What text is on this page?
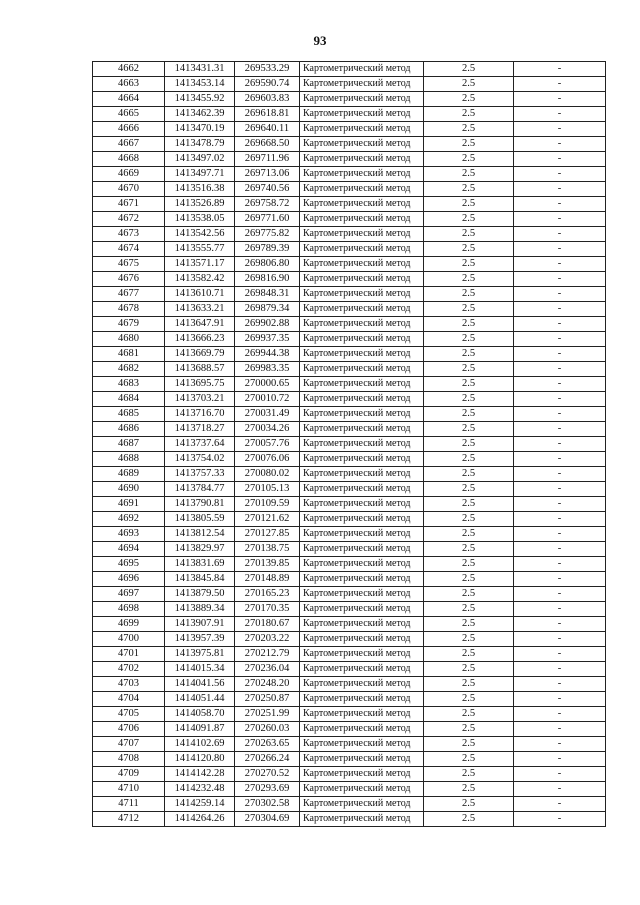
93
4662	1413431.31	269533.29	Картометрический метод	2.5	-
4663	1413453.14	269590.74	Картометрический метод	2.5	-
4664	1413455.92	269603.83	Картометрический метод	2.5	-
4665	1413462.39	269618.81	Картометрический метод	2.5	-
4666	1413470.19	269640.11	Картометрический метод	2.5	-
4667	1413478.79	269668.50	Картометрический метод	2.5	-
4668	1413497.02	269711.96	Картометрический метод	2.5	-
4669	1413497.71	269713.06	Картометрический метод	2.5	-
4670	1413516.38	269740.56	Картометрический метод	2.5	-
4671	1413526.89	269758.72	Картометрический метод	2.5	-
4672	1413538.05	269771.60	Картометрический метод	2.5	-
4673	1413542.56	269775.82	Картометрический метод	2.5	-
4674	1413555.77	269789.39	Картометрический метод	2.5	-
4675	1413571.17	269806.80	Картометрический метод	2.5	-
4676	1413582.42	269816.90	Картометрический метод	2.5	-
4677	1413610.71	269848.31	Картометрический метод	2.5	-
4678	1413633.21	269879.34	Картометрический метод	2.5	-
4679	1413647.91	269902.88	Картометрический метод	2.5	-
4680	1413666.23	269937.35	Картометрический метод	2.5	-
4681	1413669.79	269944.38	Картометрический метод	2.5	-
4682	1413688.57	269983.35	Картометрический метод	2.5	-
4683	1413695.75	270000.65	Картометрический метод	2.5	-
4684	1413703.21	270010.72	Картометрический метод	2.5	-
4685	1413716.70	270031.49	Картометрический метод	2.5	-
4686	1413718.27	270034.26	Картометрический метод	2.5	-
4687	1413737.64	270057.76	Картометрический метод	2.5	-
4688	1413754.02	270076.06	Картометрический метод	2.5	-
4689	1413757.33	270080.02	Картометрический метод	2.5	-
4690	1413784.77	270105.13	Картометрический метод	2.5	-
4691	1413790.81	270109.59	Картометрический метод	2.5	-
4692	1413805.59	270121.62	Картометрический метод	2.5	-
4693	1413812.54	270127.85	Картометрический метод	2.5	-
4694	1413829.97	270138.75	Картометрический метод	2.5	-
4695	1413831.69	270139.85	Картометрический метод	2.5	-
4696	1413845.84	270148.89	Картометрический метод	2.5	-
4697	1413879.50	270165.23	Картометрический метод	2.5	-
4698	1413889.34	270170.35	Картометрический метод	2.5	-
4699	1413907.91	270180.67	Картометрический метод	2.5	-
4700	1413957.39	270203.22	Картометрический метод	2.5	-
4701	1413975.81	270212.79	Картометрический метод	2.5	-
4702	1414015.34	270236.04	Картометрический метод	2.5	-
4703	1414041.56	270248.20	Картометрический метод	2.5	-
4704	1414051.44	270250.87	Картометрический метод	2.5	-
4705	1414058.70	270251.99	Картометрический метод	2.5	-
4706	1414091.87	270260.03	Картометрический метод	2.5	-
4707	1414102.69	270263.65	Картометрический метод	2.5	-
4708	1414120.80	270266.24	Картометрический метод	2.5	-
4709	1414142.28	270270.52	Картометрический метод	2.5	-
4710	1414232.48	270293.69	Картометрический метод	2.5	-
4711	1414259.14	270302.58	Картометрический метод	2.5	-
4712	1414264.26	270304.69	Картометрический метод	2.5	-
